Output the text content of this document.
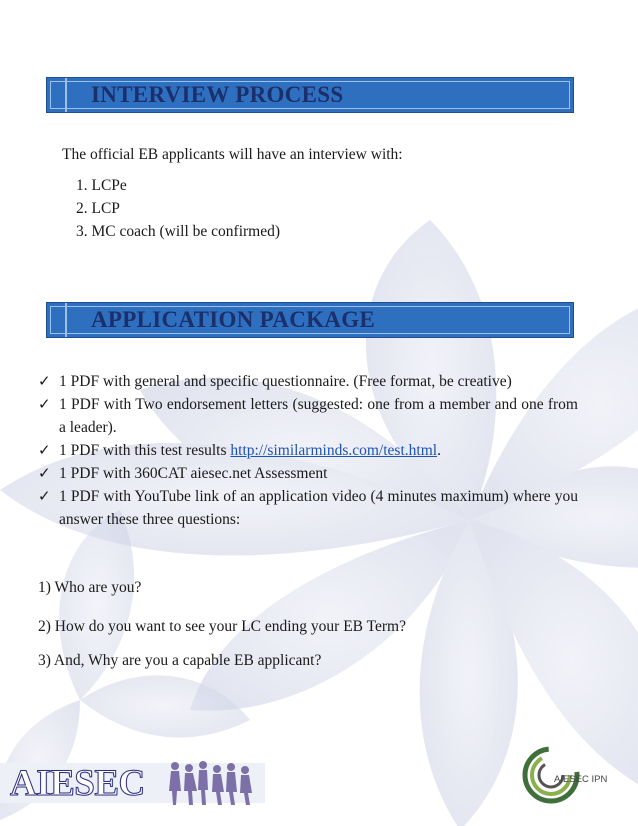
INTERVIEW PROCESS
The official EB applicants will have an interview with:
1. LCPe
2. LCP
3. MC coach (will be confirmed)
APPLICATION PACKAGE
✓ 1 PDF with general and specific questionnaire. (Free format, be creative)
✓ 1 PDF with Two endorsement letters (suggested: one from a member and one from a leader).
✓ 1 PDF with this test results http://similarminds.com/test.html.
✓ 1 PDF with 360CAT aiesec.net Assessment
✓ 1 PDF with YouTube link of an application video (4 minutes maximum) where you answer these three questions:
1) Who are you?
2) How do you want to see your LC ending your EB Term?
3) And, Why are you a capable EB applicant?
AIESEC	AIESEC IPN
